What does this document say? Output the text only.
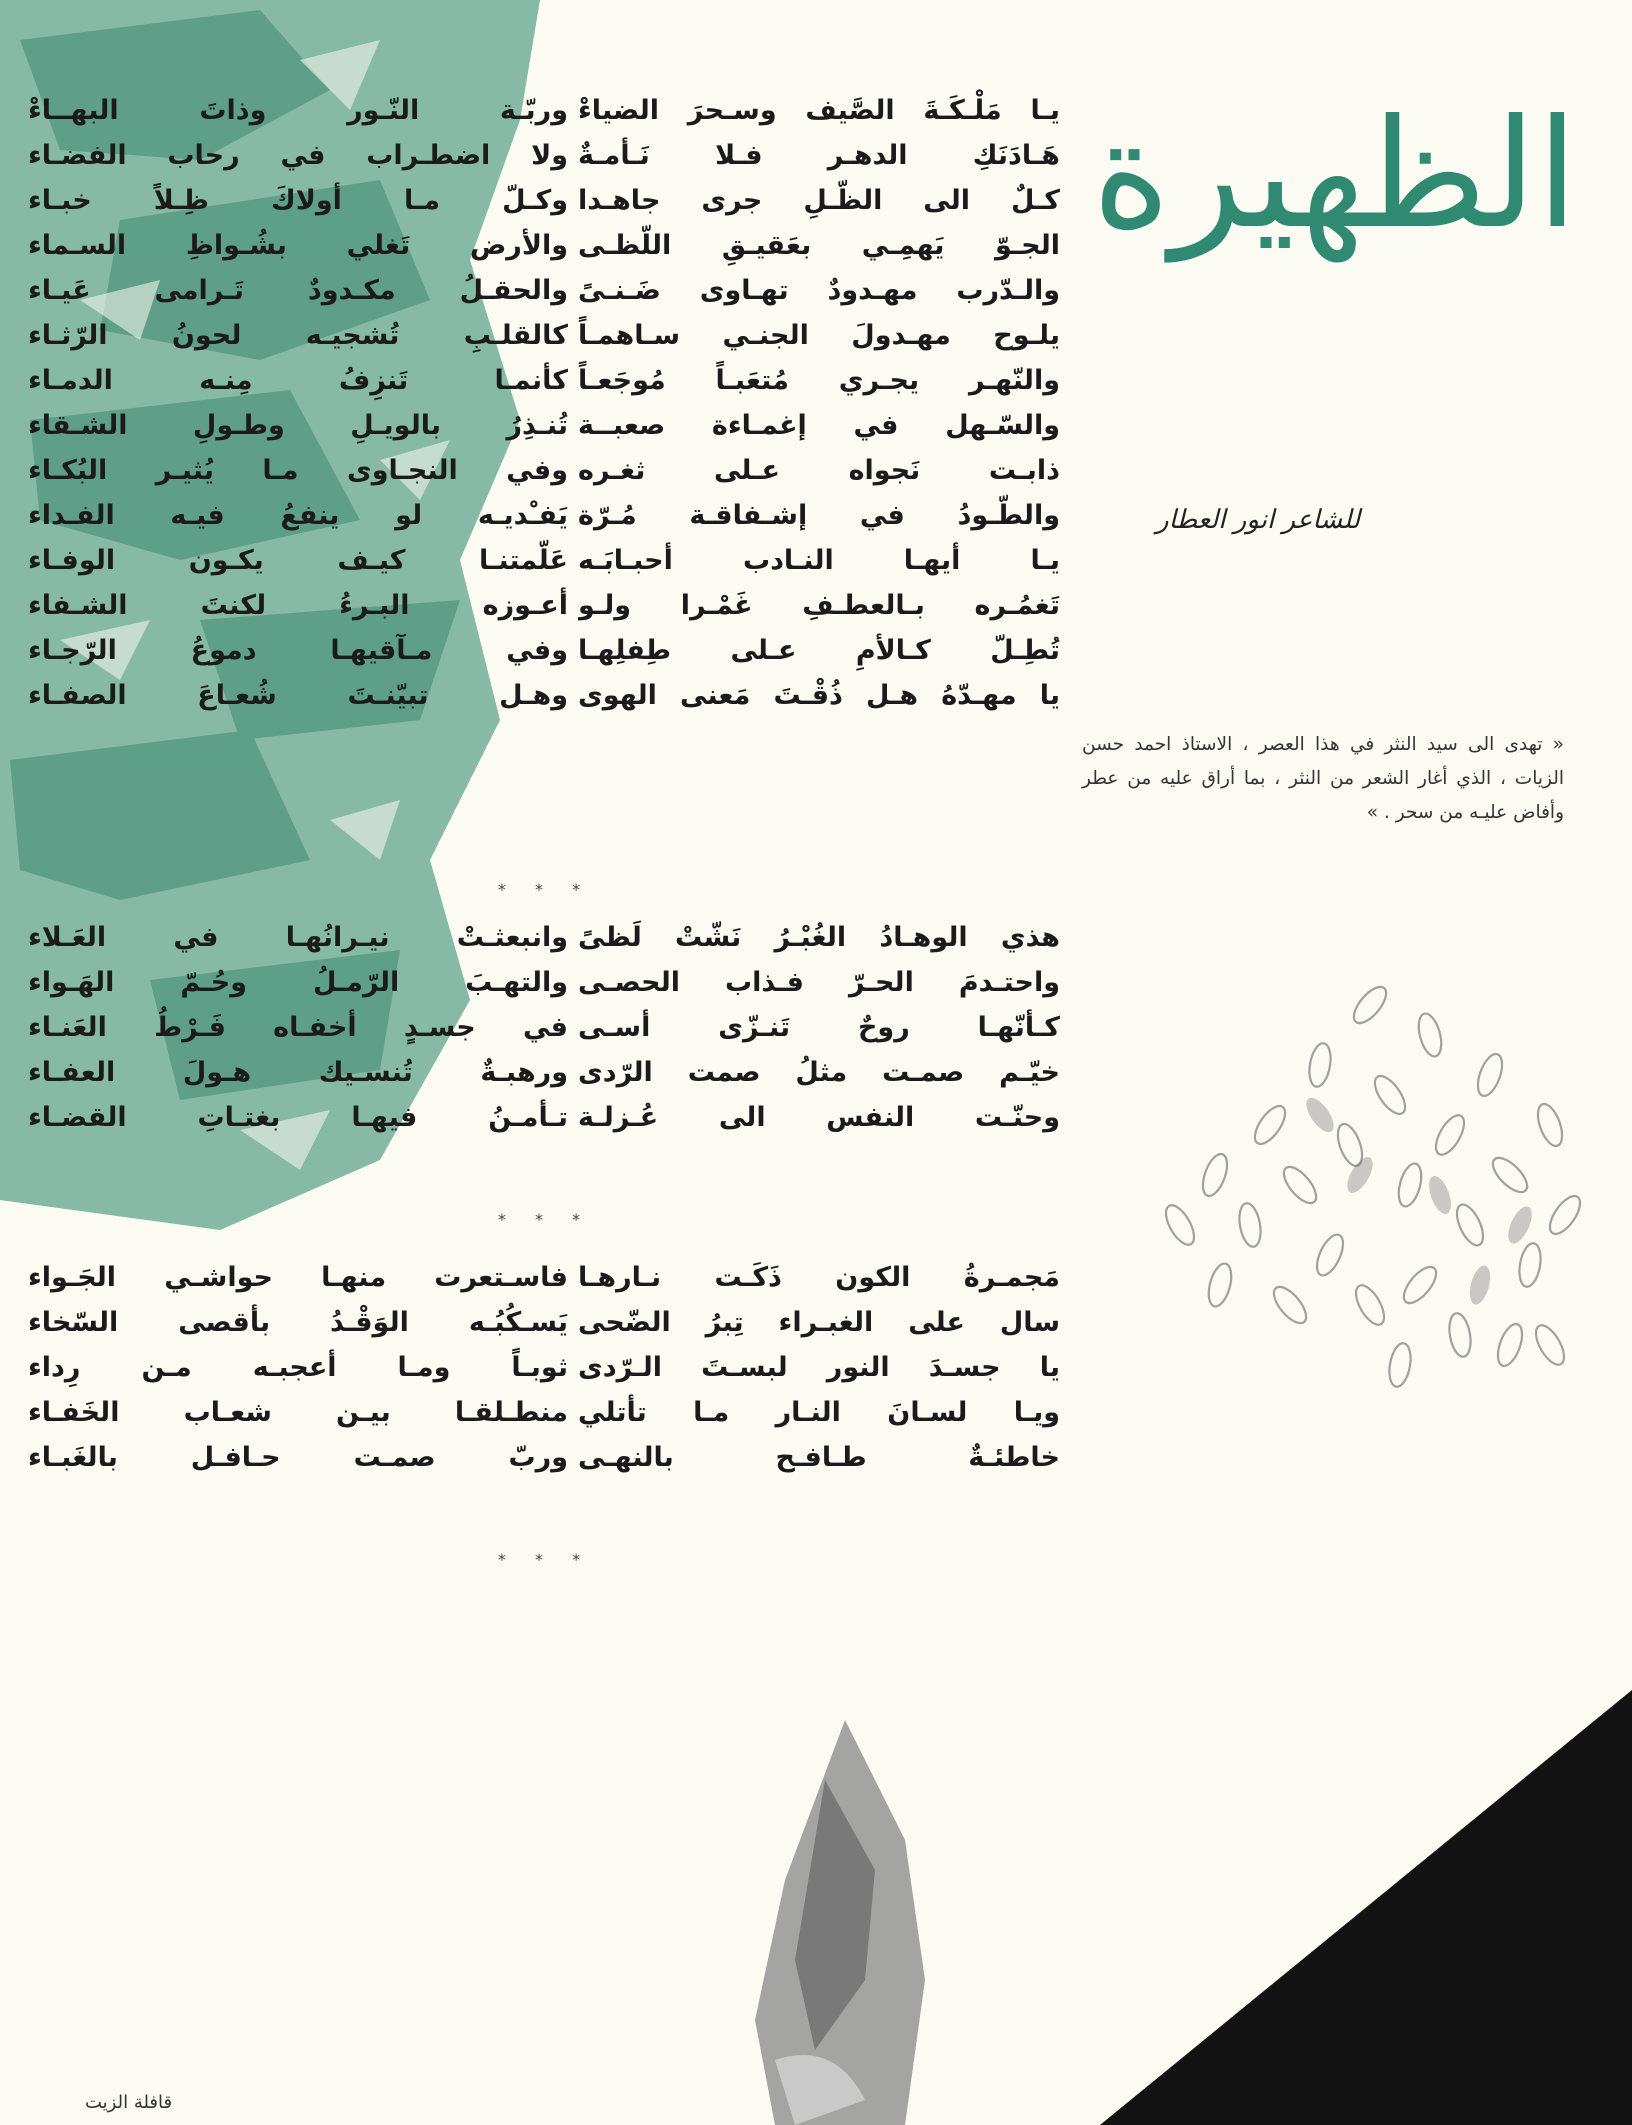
الظهيرة
للشاعر انور العطار
« تهدى الى سيد النثر في هذا العصر ، الاستاذ احمد حسن الزيات ، الذي أغار الشعر من النثر ، بما أراق عليه من عطر وأفاض عليـه من سحر . »
يـا مَلْـكَـةَ الصَّيف وسـحرَ الضياءْ
هَـادَنَكِ الدهـر فـلا نَـأمـةٌ
كـلٌ الى الظّـلِ جرى جاهـدا
الجـوّ يَهمِـي بعَقيـقِ اللّظـى
والـدّرب مهـدودٌ تهـاوى ضَـنـىً
يلـوح مهـدولَ الجنـي سـاهمـاً
والنّهـر يجـري مُتعَبـاً مُوجَعـاً
والسّـهل في إغمـاءة صعبــة
ذابـت نَجواه عـلى ثغـره
والطّـودُ في إشـفاقـة مُـرّة
يـا أيهـا النـادب أحبـابَـه
تَغمُـره بـالعطـفِ غَمْـرا ولـو
تُطِـلّ كـالأمِ عـلى طِفلِهـا
يا مهـدّهُ هـل ذُقْـتَ مَعنى الهوى
وربّـة النّـور وذاتَ البهــاءْ
ولا اضطـراب في رحاب الفضـاء
وكـلّ مـا أولاكَ ظِـلاً خبـاء
والأرض تَغلي بشُـواظِ السـماء
والحقـلُ مكـدودٌ تَـرامى عَيـاء
كالقلـبِ تُشجيـه لحونُ الرّثـاء
كأنمـا تَنزِفُ مِنـه الدمـاء
تُنـذِرُ بالويـلِ وطـولِ الشـقاء
وفي النجـاوى مـا يُثيـر البُكـاء
يَفـْديـه لو ينفعُ فيـه الفـداء
عَلّمتنـا كيـف يكـون الوفـاء
أعـوزه البـرءُ لكنتَ الشـفاء
وفي مـآقيهـا دموعُ الرّجـاء
وهـل تبيّنـتَ شُعـاعَ الصفـاء
* * *
هذي الوهـادُ الغُبْـرُ نَشّتْ لَظىً
واحتـدمَ الحـرّ فـذاب الحصـى
كـأنّهـا روحٌ تَنـزّى أسـى
خيّـم صمـت مثلُ صمت الرّدى
وحنّـت النفس الى عُـزلـة
وانبعثـتْ نيـرانُهـا في العَـلاء
والتهـبَ الرّمـلُ وحُـمّ الهَـواء
في جسـدٍ أخفـاه فَـرْطُ العَنـاء
ورهبـةٌ تُنسـيك هـولَ العفـاء
تـأمـنُ فيهـا بغتـاتِ القضـاء
* * *
مَجمـرةُ الكون ذَكَـت نـارهـا
سال على الغبـراء تِبرُ الضّحى
يا جسـدَ النور لبسـتَ الـرّدى
ويـا لسـانَ النـار مـا تأتلي
خاطئـةٌ طـافـح بالنهـى
فاسـتعرت منهـا حواشـي الجَـواء
يَسـكُبُـه الوَقْـدُ بأقصى السّخاء
ثوبـاً ومـا أعجبـه مـن رِداء
منطـلقـا بيـن شعـاب الخَفـاء
وربّ صمـت حـافـل بالغَبـاء
* * *
قافلة الزيت
